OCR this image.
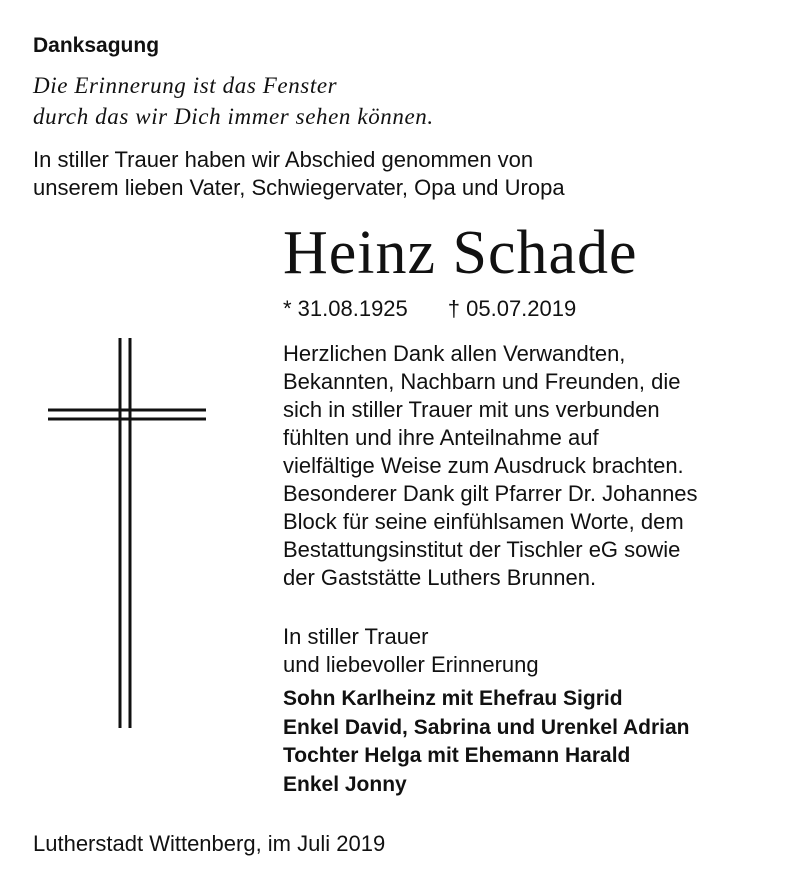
Danksagung
Die Erinnerung ist das Fenster
durch das wir Dich immer sehen können.
In stiller Trauer haben wir Abschied genommen von
unserem lieben Vater, Schwiegervater, Opa und Uropa
Heinz Schade
* 31.08.1925 † 05.07.2019
Herzlichen Dank allen Verwandten,
Bekannten, Nachbarn und Freunden, die
sich in stiller Trauer mit uns verbunden
fühlten und ihre Anteilnahme auf
vielfältige Weise zum Ausdruck brachten.
Besonderer Dank gilt Pfarrer Dr. Johannes
Block für seine einfühlsamen Worte, dem
Bestattungsinstitut der Tischler eG sowie
der Gaststätte Luthers Brunnen.
In stiller Trauer
und liebevoller Erinnerung
Sohn Karlheinz mit Ehefrau Sigrid
Enkel David, Sabrina und Urenkel Adrian
Tochter Helga mit Ehemann Harald
Enkel Jonny
Lutherstadt Wittenberg, im Juli 2019
